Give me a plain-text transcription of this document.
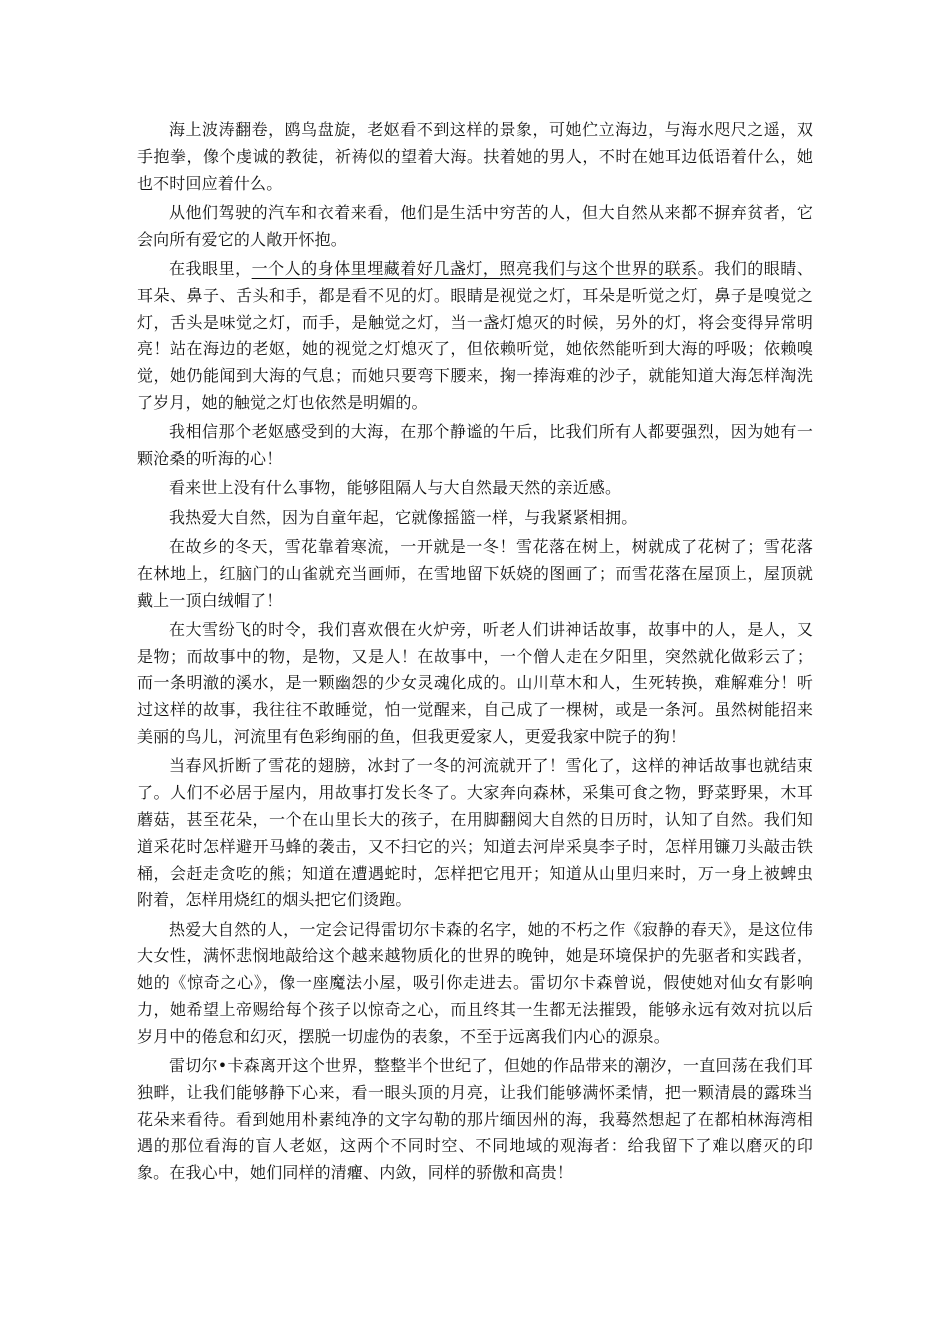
海上波涛翻卷，鸥鸟盘旋，老妪看不到这样的景象，可她伫立海边，与海水咫尺之遥，双手抱拳，像个虔诚的教徒，祈祷似的望着大海。扶着她的男人，不时在她耳边低语着什么，她也不时回应着什么。

从他们驾驶的汽车和衣着来看，他们是生活中穷苦的人，但大自然从来都不摒弃贫者，它会向所有爱它的人敞开怀抱。

在我眼里，一个人的身体里埋藏着好几盏灯，照亮我们与这个世界的联系。我们的眼睛、耳朵、鼻子、舌头和手，都是看不见的灯。眼睛是视觉之灯，耳朵是听觉之灯，鼻子是嗅觉之灯，舌头是味觉之灯，而手，是触觉之灯，当一盏灯熄灭的时候，另外的灯，将会变得异常明亮！站在海边的老妪，她的视觉之灯熄灭了，但依赖听觉，她依然能听到大海的呼吸；依赖嗅觉，她仍能闻到大海的气息；而她只要弯下腰来，掬一捧海难的沙子，就能知道大海怎样淘洗了岁月，她的触觉之灯也依然是明媚的。

我相信那个老妪感受到的大海，在那个静谧的午后，比我们所有人都要强烈，因为她有一颗沧桑的听海的心！

看来世上没有什么事物，能够阻隔人与大自然最天然的亲近感。

我热爱大自然，因为自童年起，它就像摇篮一样，与我紧紧相拥。

在故乡的冬天，雪花靠着寒流，一开就是一冬！雪花落在树上，树就成了花树了；雪花落在林地上，红脑门的山雀就充当画师，在雪地留下妖娆的图画了；而雪花落在屋顶上，屋顶就戴上一顶白绒帽了！

在大雪纷飞的时令，我们喜欢偎在火炉旁，听老人们讲神话故事，故事中的人，是人，又是物；而故事中的物，是物，又是人！在故事中，一个僧人走在夕阳里，突然就化做彩云了；而一条明澈的溪水，是一颗幽怨的少女灵魂化成的。山川草木和人，生死转换，难解难分！听过这样的故事，我往往不敢睡觉，怕一觉醒来，自己成了一棵树，或是一条河。虽然树能招来美丽的鸟儿，河流里有色彩绚丽的鱼，但我更爱家人，更爱我家中院子的狗！

当春风折断了雪花的翅膀，冰封了一冬的河流就开了！雪化了，这样的神话故事也就结束了。人们不必居于屋内，用故事打发长冬了。大家奔向森林，采集可食之物，野菜野果，木耳蘑菇，甚至花朵，一个在山里长大的孩子，在用脚翻阅大自然的日历时，认知了自然。我们知道采花时怎样避开马蜂的袭击，又不扫它的兴；知道去河岸采臭李子时，怎样用镰刀头敲击铁桶，会赶走贪吃的熊；知道在遭遇蛇时，怎样把它甩开；知道从山里归来时，万一身上被蜱虫附着，怎样用烧红的烟头把它们烫跑。

热爱大自然的人，一定会记得雷切尔卡森的名字，她的不朽之作《寂静的春天》，是这位伟大女性，满怀悲悯地敲给这个越来越物质化的世界的晚钟，她是环境保护的先驱者和实践者，她的《惊奇之心》，像一座魔法小屋，吸引你走进去。雷切尔卡森曾说，假使她对仙女有影响力，她希望上帝赐给每个孩子以惊奇之心，而且终其一生都无法摧毁，能够永远有效对抗以后岁月中的倦怠和幻灭，摆脱一切虚伪的表象，不至于远离我们内心的源泉。

雷切尔•卡森离开这个世界，整整半个世纪了，但她的作品带来的潮汐，一直回荡在我们耳独畔，让我们能够静下心来，看一眼头顶的月亮，让我们能够满怀柔情，把一颗清晨的露珠当花朵来看待。看到她用朴素纯净的文字勾勒的那片缅因州的海，我蓦然想起了在都柏林海湾相遇的那位看海的盲人老妪，这两个不同时空、不同地域的观海者：给我留下了难以磨灭的印象。在我心中，她们同样的清癯、内敛，同样的骄傲和高贵！
